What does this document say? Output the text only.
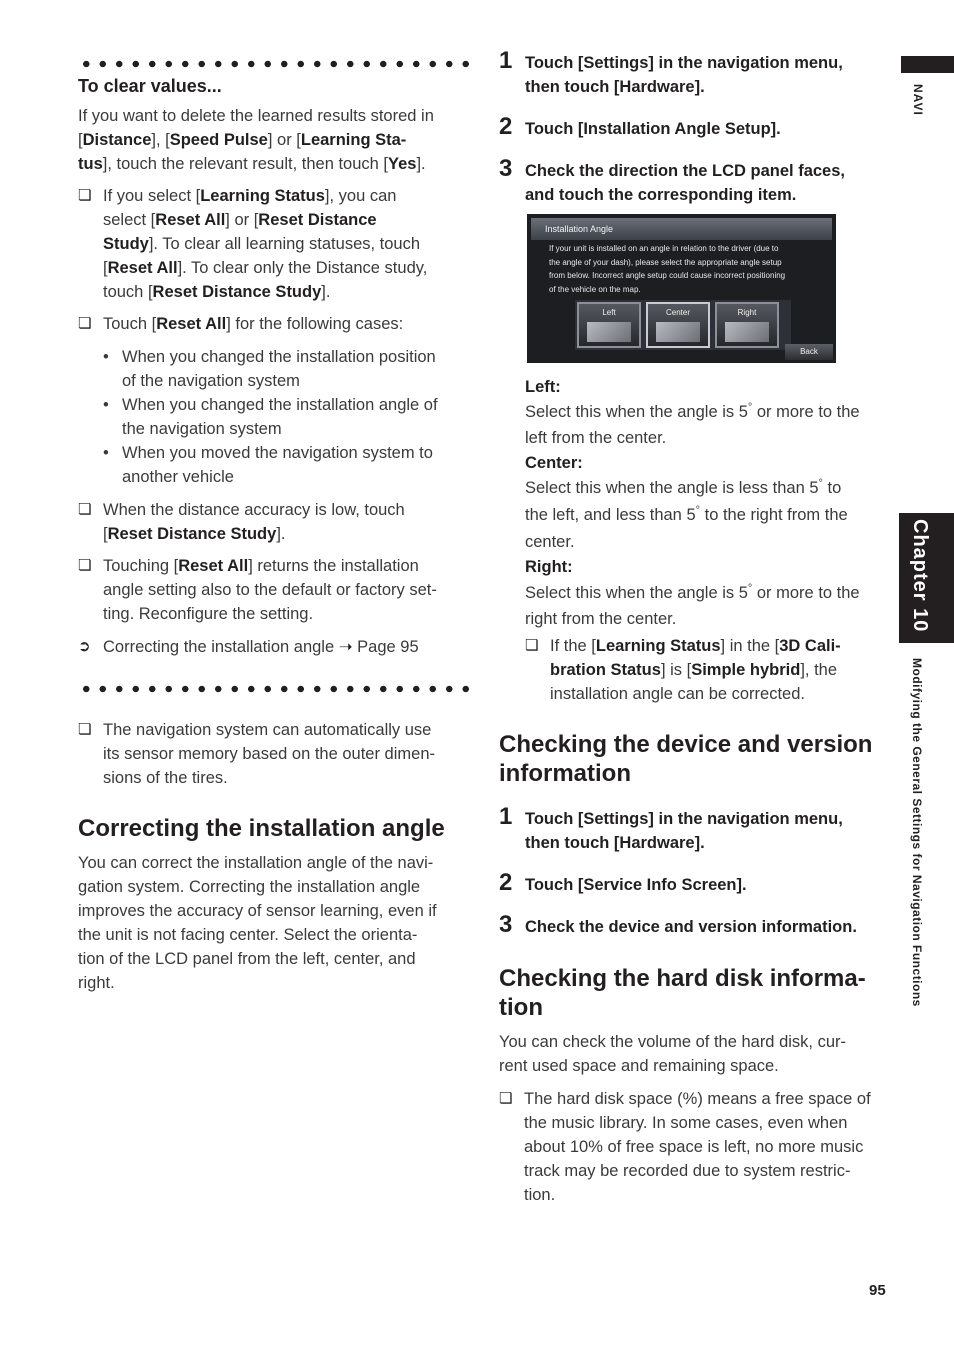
To clear values...
If you want to delete the learned results stored in
[Distance], [Speed Pulse] or [Learning Sta-
tus], touch the relevant result, then touch [Yes].
❏ If you select [Learning Status], you can
select [Reset All] or [Reset Distance
Study]. To clear all learning statuses, touch
[Reset All]. To clear only the Distance study,
touch [Reset Distance Study].
❏ Touch [Reset All] for the following cases:
• When you changed the installation position
of the navigation system
• When you changed the installation angle of
the navigation system
• When you moved the navigation system to
another vehicle
❏ When the distance accuracy is low, touch
[Reset Distance Study].
❏ Touching [Reset All] returns the installation
angle setting also to the default or factory set-
ting. Reconfigure the setting.
➲ Correcting the installation angle ➝ Page 95
❏ The navigation system can automatically use
its sensor memory based on the outer dimen-
sions of the tires.
Correcting the installation angle
You can correct the installation angle of the navi-
gation system. Correcting the installation angle
improves the accuracy of sensor learning, even if
the unit is not facing center. Select the orienta-
tion of the LCD panel from the left, center, and
right.
1 Touch [Settings] in the navigation menu,
then touch [Hardware].
2 Touch [Installation Angle Setup].
3 Check the direction the LCD panel faces,
and touch the corresponding item.
Installation Angle
If your unit is installed on an angle in relation to the driver (due to
the angle of your dash), please select the appropriate angle setup
from below. Incorrect angle setup could cause incorrect positioning
of the vehicle on the map.
Left	Center	Right
Back
Left:
Select this when the angle is 5° or more to the
left from the center.
Center:
Select this when the angle is less than 5° to
the left, and less than 5° to the right from the
center.
Right:
Select this when the angle is 5° or more to the
right from the center.
❏ If the [Learning Status] in the [3D Cali-
bration Status] is [Simple hybrid], the
installation angle can be corrected.
Checking the device and version
information
1 Touch [Settings] in the navigation menu,
then touch [Hardware].
2 Touch [Service Info Screen].
3 Check the device and version information.
Checking the hard disk informa-
tion
You can check the volume of the hard disk, cur-
rent used space and remaining space.
❏ The hard disk space (%) means a free space of
the music library. In some cases, even when
about 10% of free space is left, no more music
track may be recorded due to system restric-
tion.
NAVI
Chapter 10
Modifying the General Settings for Navigation Functions
95
